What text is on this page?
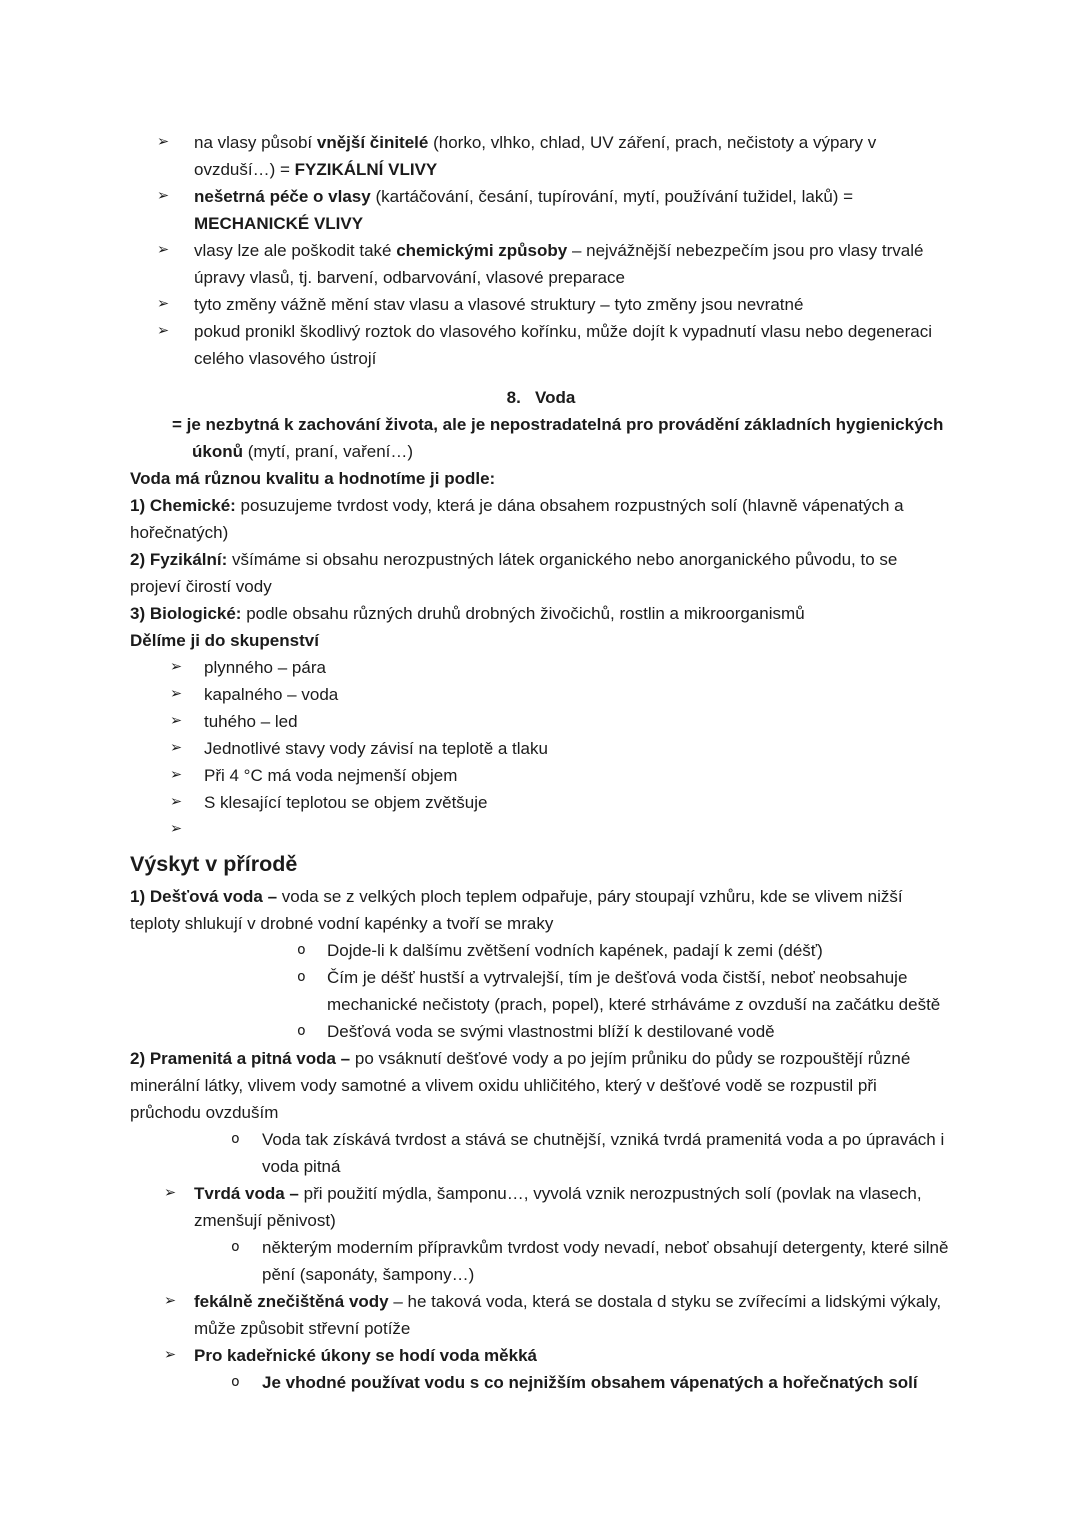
➢ na vlasy působí vnější činitelé (horko, vlhko, chlad, UV záření, prach, nečistoty a výpary v ovzduší…) = FYZIKÁLNÍ VLIVY
➢ nešetrná péče o vlasy (kartáčování, česání, tupírování, mytí, používání tužidel, laků) = MECHANICKÉ VLIVY
➢ vlasy lze ale poškodit také chemickými způsoby – nejvážnější nebezpečím jsou pro vlasy trvalé úpravy vlasů, tj. barvení, odbarvování, vlasové preparace
➢ tyto změny vážně mění stav vlasu a vlasové struktury – tyto změny jsou nevratné
➢ pokud pronikl škodlivý roztok do vlasového kořínku, může dojít k vypadnutí vlasu nebo degeneraci celého vlasového ústrojí
8.   Voda
= je nezbytná k zachování života, ale je nepostradatelná pro provádění základních hygienických úkonů (mytí, praní, vaření…)
Voda má různou kvalitu a hodnotíme ji podle:
1) Chemické: posuzujeme tvrdost vody, která je dána obsahem rozpustných solí (hlavně vápenatých a hořečnatých)
2) Fyzikální: všímáme si obsahu nerozpustných látek organického nebo anorganického původu, to se projeví čirostí vody
3) Biologické: podle obsahu různých druhů drobných živočichů, rostlin a mikroorganismů
Dělíme ji do skupenství
➢ plynného – pára
➢ kapalného – voda
➢ tuhého – led
➢ Jednotlivé stavy vody závisí na teplotě a tlaku
➢ Při 4 °C má voda nejmenší objem
➢ S klesající teplotou se objem zvětšuje
➢
Výskyt v přírodě
1) Dešťová voda – voda se z velkých ploch teplem odpařuje, páry stoupají vzhůru, kde se vlivem nižší teploty shlukují v drobné vodní kapénky a tvoří se mraky
o Dojde-li k dalšímu zvětšení vodních kapének, padají k zemi (déšť)
o Čím je déšť hustší a vytrvalejší, tím je dešťová voda čistší, neboť neobsahuje mechanické nečistoty (prach, popel), které strháváme z ovzduší na začátku deště
o Dešťová voda se svými vlastnostmi blíží k destilované vodě
2) Pramenitá a pitná voda – po vsáknutí dešťové vody a po jejím průniku do půdy se rozpouštějí různé minerální látky, vlivem vody samotné a vlivem oxidu uhličitého, který v dešťové vodě se rozpustil při průchodu ovzduším
o Voda tak získává tvrdost a stává se chutnější, vzniká tvrdá pramenitá voda a po úpravách i voda pitná
➢ Tvrdá voda – při použití mýdla, šamponu…, vyvolá vznik nerozpustných solí (povlak na vlasech, zmenšují pěnivost)
o některým moderním přípravkům tvrdost vody nevadí, neboť obsahují detergenty, které silně pění (saponáty, šampony…)
➢ fekálně znečištěná vody – he taková voda, která se dostala d styku se zvířecími a lidskými výkaly, může způsobit střevní potíže
➢ Pro kadeřnické úkony se hodí voda měkká
o Je vhodné používat vodu s co nejnižším obsahem vápenatých a hořečnatých solí
